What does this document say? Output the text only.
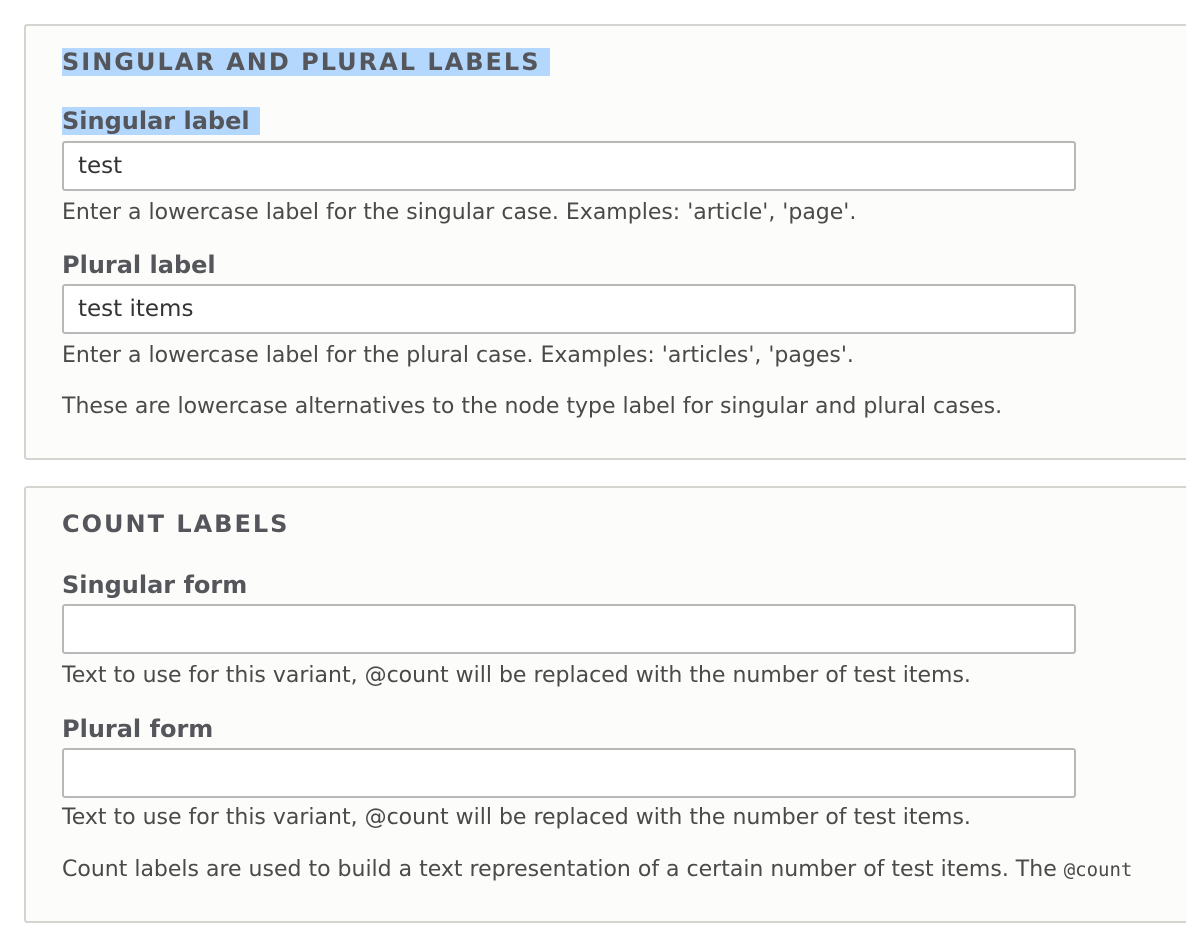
SINGULAR AND PLURAL LABELS
Singular label
test
Enter a lowercase label for the singular case. Examples: 'article', 'page'.
Plural label
test items
Enter a lowercase label for the plural case. Examples: 'articles', 'pages'.
These are lowercase alternatives to the node type label for singular and plural cases.
COUNT LABELS
Singular form
Text to use for this variant, @count will be replaced with the number of test items.
Plural form
Text to use for this variant, @count will be replaced with the number of test items.
Count labels are used to build a text representation of a certain number of test items. The @count
